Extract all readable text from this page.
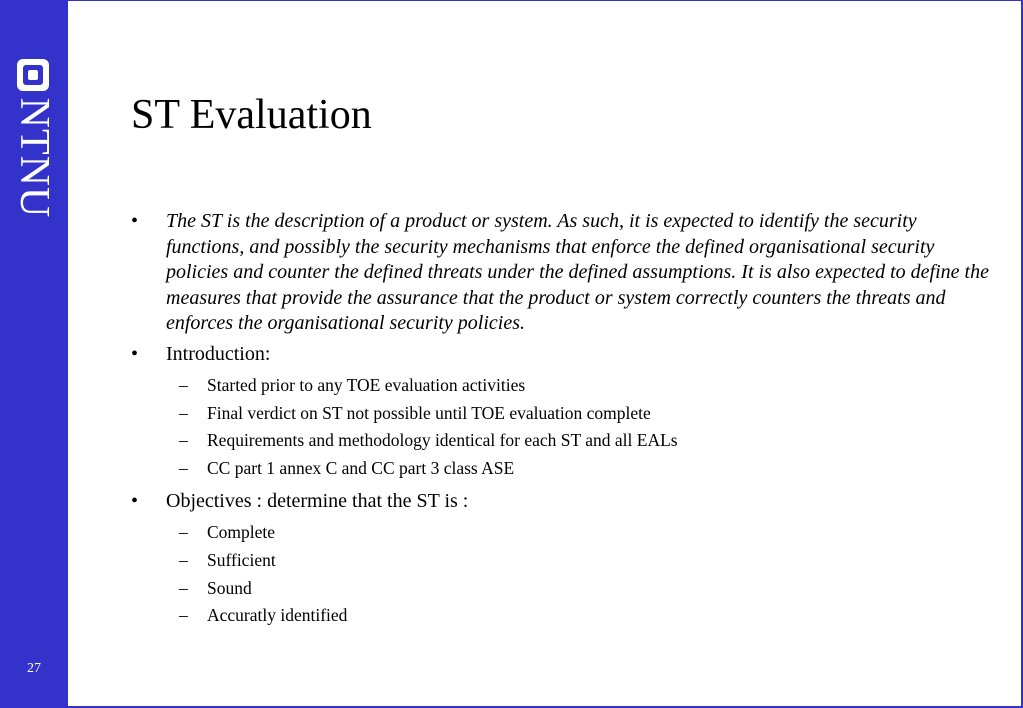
NTNU
27
ST Evaluation
• The ST is the description of a product or system. As such, it is expected to identify the security functions, and possibly the security mechanisms that enforce the defined organisational security policies and counter the defined threats under the defined assumptions. It is also expected to define the measures that provide the assurance that the product or system correctly counters the threats and enforces the organisational security policies.
• Introduction:
– Started prior to any TOE evaluation activities
– Final verdict on ST not possible until TOE evaluation complete
– Requirements and methodology identical for each ST and all EALs
– CC part 1 annex C and CC part 3 class ASE
• Objectives : determine that the ST is :
– Complete
– Sufficient
– Sound
– Accuratly identified
